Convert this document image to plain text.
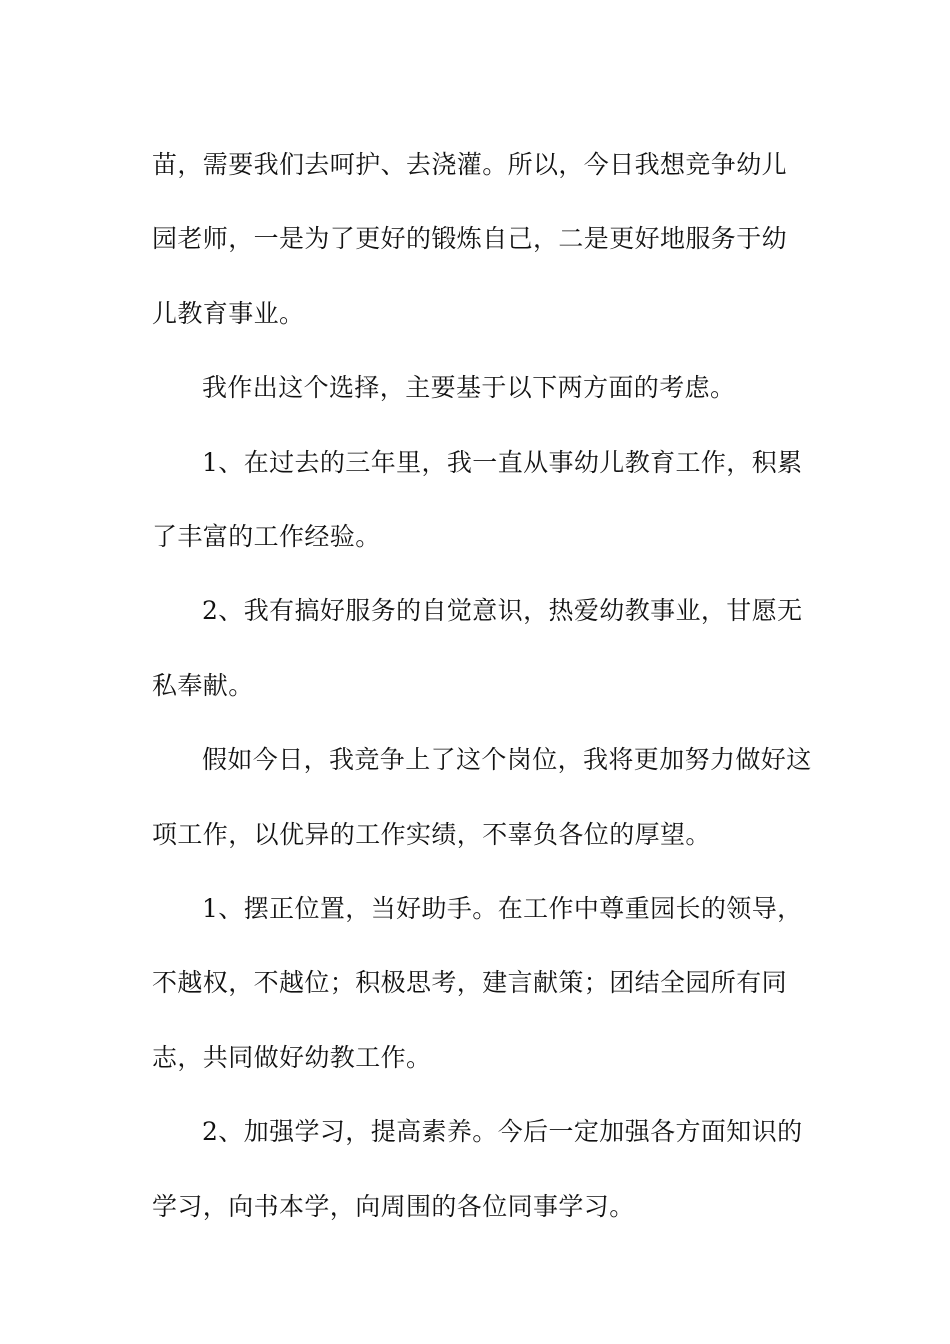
苗，需要我们去呵护、去浇灌。所以，今日我想竞争幼儿园老师，一是为了更好的锻炼自己，二是更好地服务于幼儿教育事业。

我作出这个选择，主要基于以下两方面的考虑。

1、在过去的三年里，我一直从事幼儿教育工作，积累了丰富的工作经验。

2、我有搞好服务的自觉意识，热爱幼教事业，甘愿无私奉献。

假如今日，我竞争上了这个岗位，我将更加努力做好这项工作，以优异的工作实绩，不辜负各位的厚望。

1、摆正位置，当好助手。在工作中尊重园长的领导，不越权，不越位；积极思考，建言献策；团结全园所有同志，共同做好幼教工作。

2、加强学习，提高素养。今后一定加强各方面知识的学习，向书本学，向周围的各位同事学习。
